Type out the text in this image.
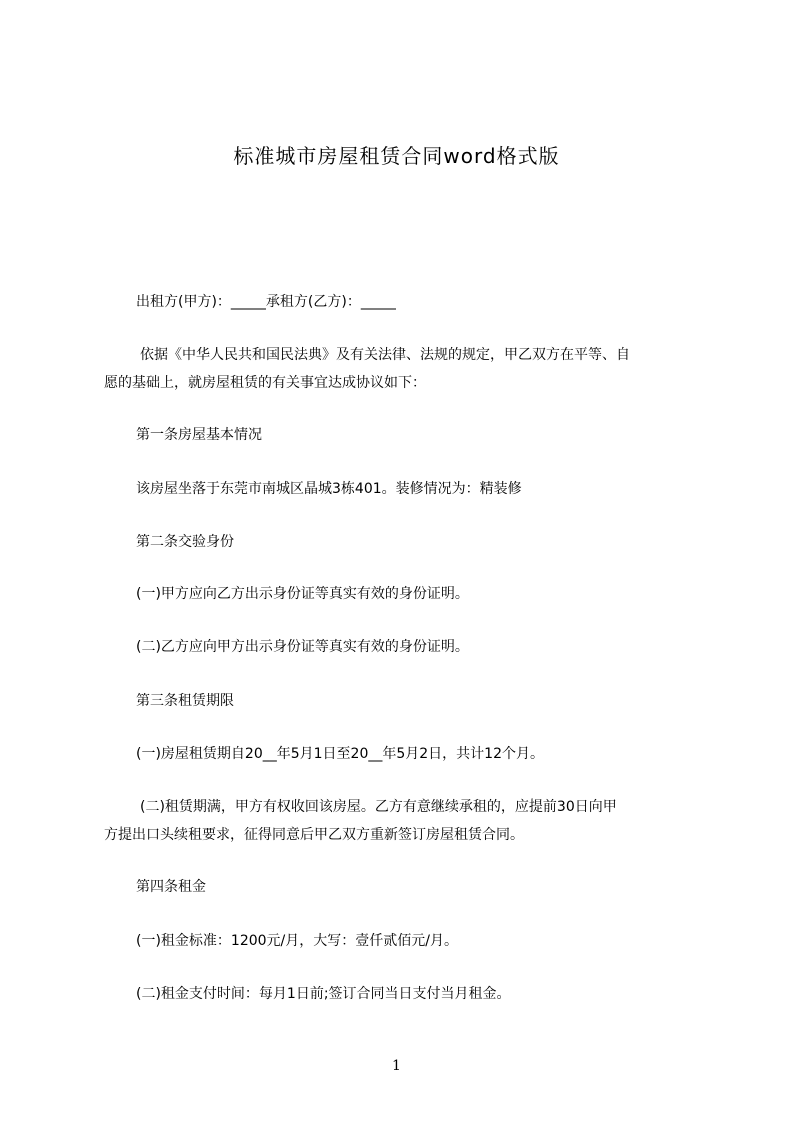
标准城市房屋租赁合同word格式版
出租方(甲方)：_____承租方(乙方)：_____
依据《中华人民共和国民法典》及有关法律、法规的规定，甲乙双方在平等、自
愿的基础上，就房屋租赁的有关事宜达成协议如下：
第一条房屋基本情况
该房屋坐落于东莞市南城区晶城3栋401。装修情况为：精装修
第二条交验身份
(一)甲方应向乙方出示身份证等真实有效的身份证明。
(二)乙方应向甲方出示身份证等真实有效的身份证明。
第三条租赁期限
(一)房屋租赁期自20__年5月1日至20__年5月2日，共计12个月。
(二)租赁期满，甲方有权收回该房屋。乙方有意继续承租的，应提前30日向甲
方提出口头续租要求，征得同意后甲乙双方重新签订房屋租赁合同。
第四条租金
(一)租金标准：1200元/月，大写：壹仟贰佰元/月。
(二)租金支付时间：每月1日前;签订合同当日支付当月租金。
1
